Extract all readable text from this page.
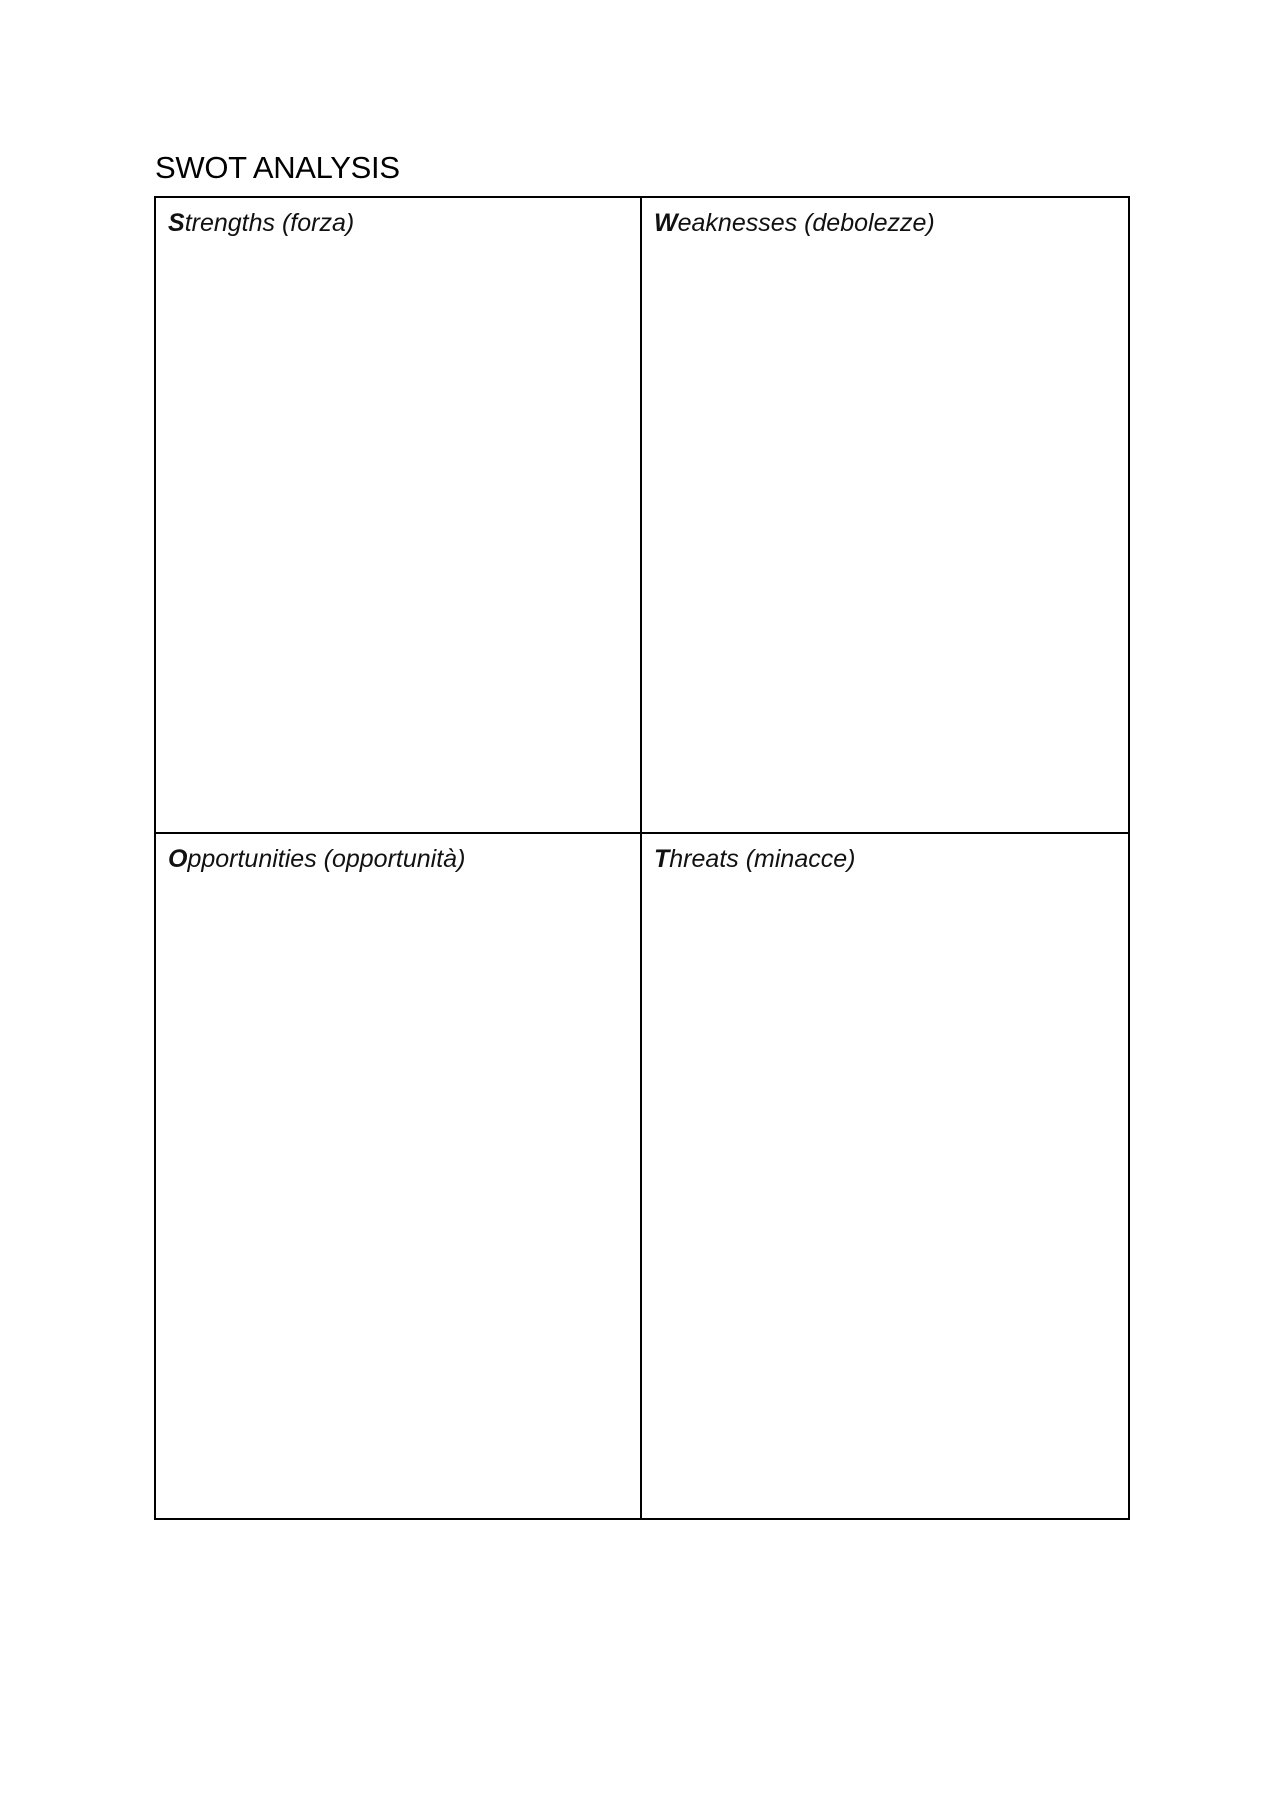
SWOT ANALYSIS
Strengths (forza)	Weaknesses (debolezze)
Opportunities (opportunità)	Threats (minacce)
